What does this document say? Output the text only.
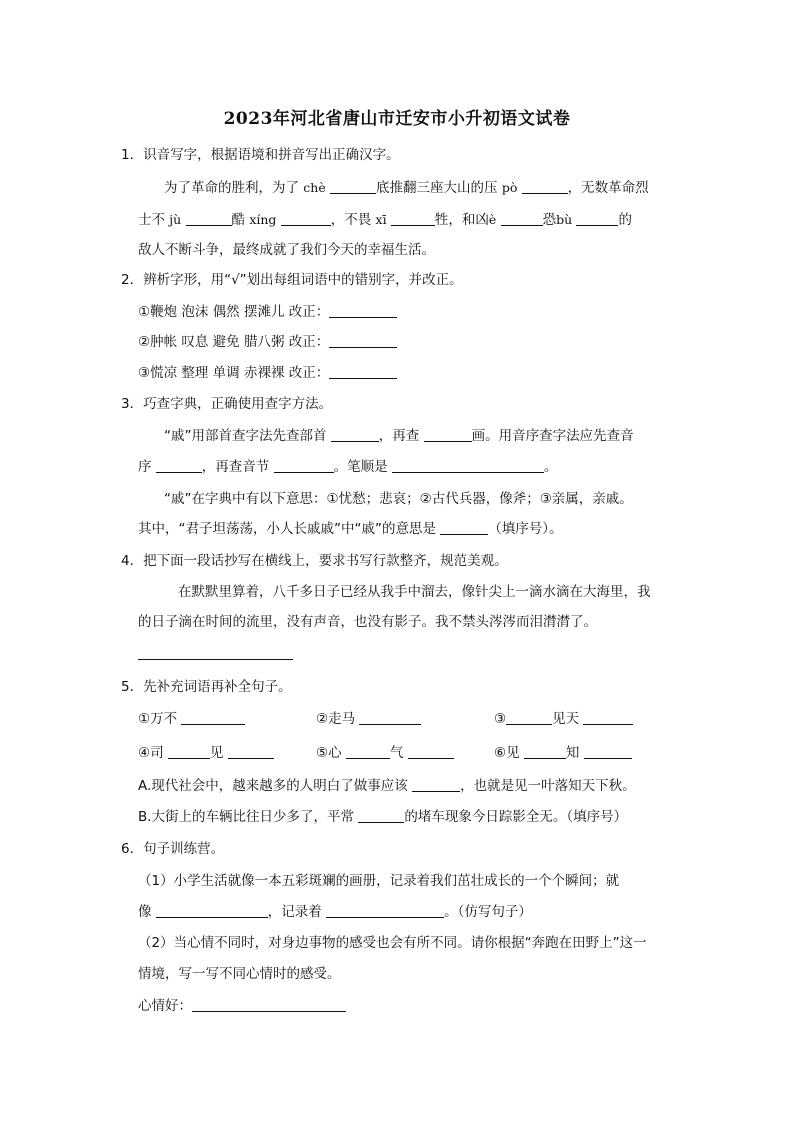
2023年河北省唐山市迁安市小升初语文试卷
1．识音写字，根据语境和拼音写出正确汉字。
为了革命的胜利，为了 chè	底推翻三座大山的压 pò	，无数革命烈
士不 jù	酷 xíng	，不畏 xī	牲，和凶è	恐bù	的
敌人不断斗争，最终成就了我们今天的幸福生活。
2．辨析字形，用“√”划出每组词语中的错别字，并改正。
①鞭炮 泡沫 偶然 摆滩儿 改正：
②肿帐 叹息 避免 腊八粥 改正：
③慌凉 整理 单调 赤裸裸 改正：
3．巧查字典，正确使用查字方法。
“戚”用部首查字法先查部首	，再查	画。用音序查字法应先查音
序	，再查音节	。笔顺是	。
“戚”在字典中有以下意思：①忧愁；悲哀；②古代兵器，像斧；③亲属，亲戚。
其中，“君子坦荡荡，小人长戚戚”中“戚”的意思是	（填序号）。
4．把下面一段话抄写在横线上，要求书写行款整齐，规范美观。
在默默里算着，八千多日子已经从我手中溜去，像针尖上一滴水滴在大海里，我
的日子滴在时间的流里，没有声音，也没有影子。我不禁头涔涔而泪潸潸了。
5．先补充词语再补全句子。
①万不	②走马	③	见天
④司	见	⑤心	气	⑥见	知
A.现代社会中，越来越多的人明白了做事应该	，也就是见一叶落知天下秋。
B.大街上的车辆比往日少多了，平常	的堵车现象今日踪影全无。（填序号）
6．句子训练营。
（1）小学生活就像一本五彩斑斓的画册，记录着我们茁壮成长的一个个瞬间；就
像	，记录着	。（仿写句子）
（2）当心情不同时，对身边事物的感受也会有所不同。请你根据“奔跑在田野上”这一
情境，写一写不同心情时的感受。
心情好：
